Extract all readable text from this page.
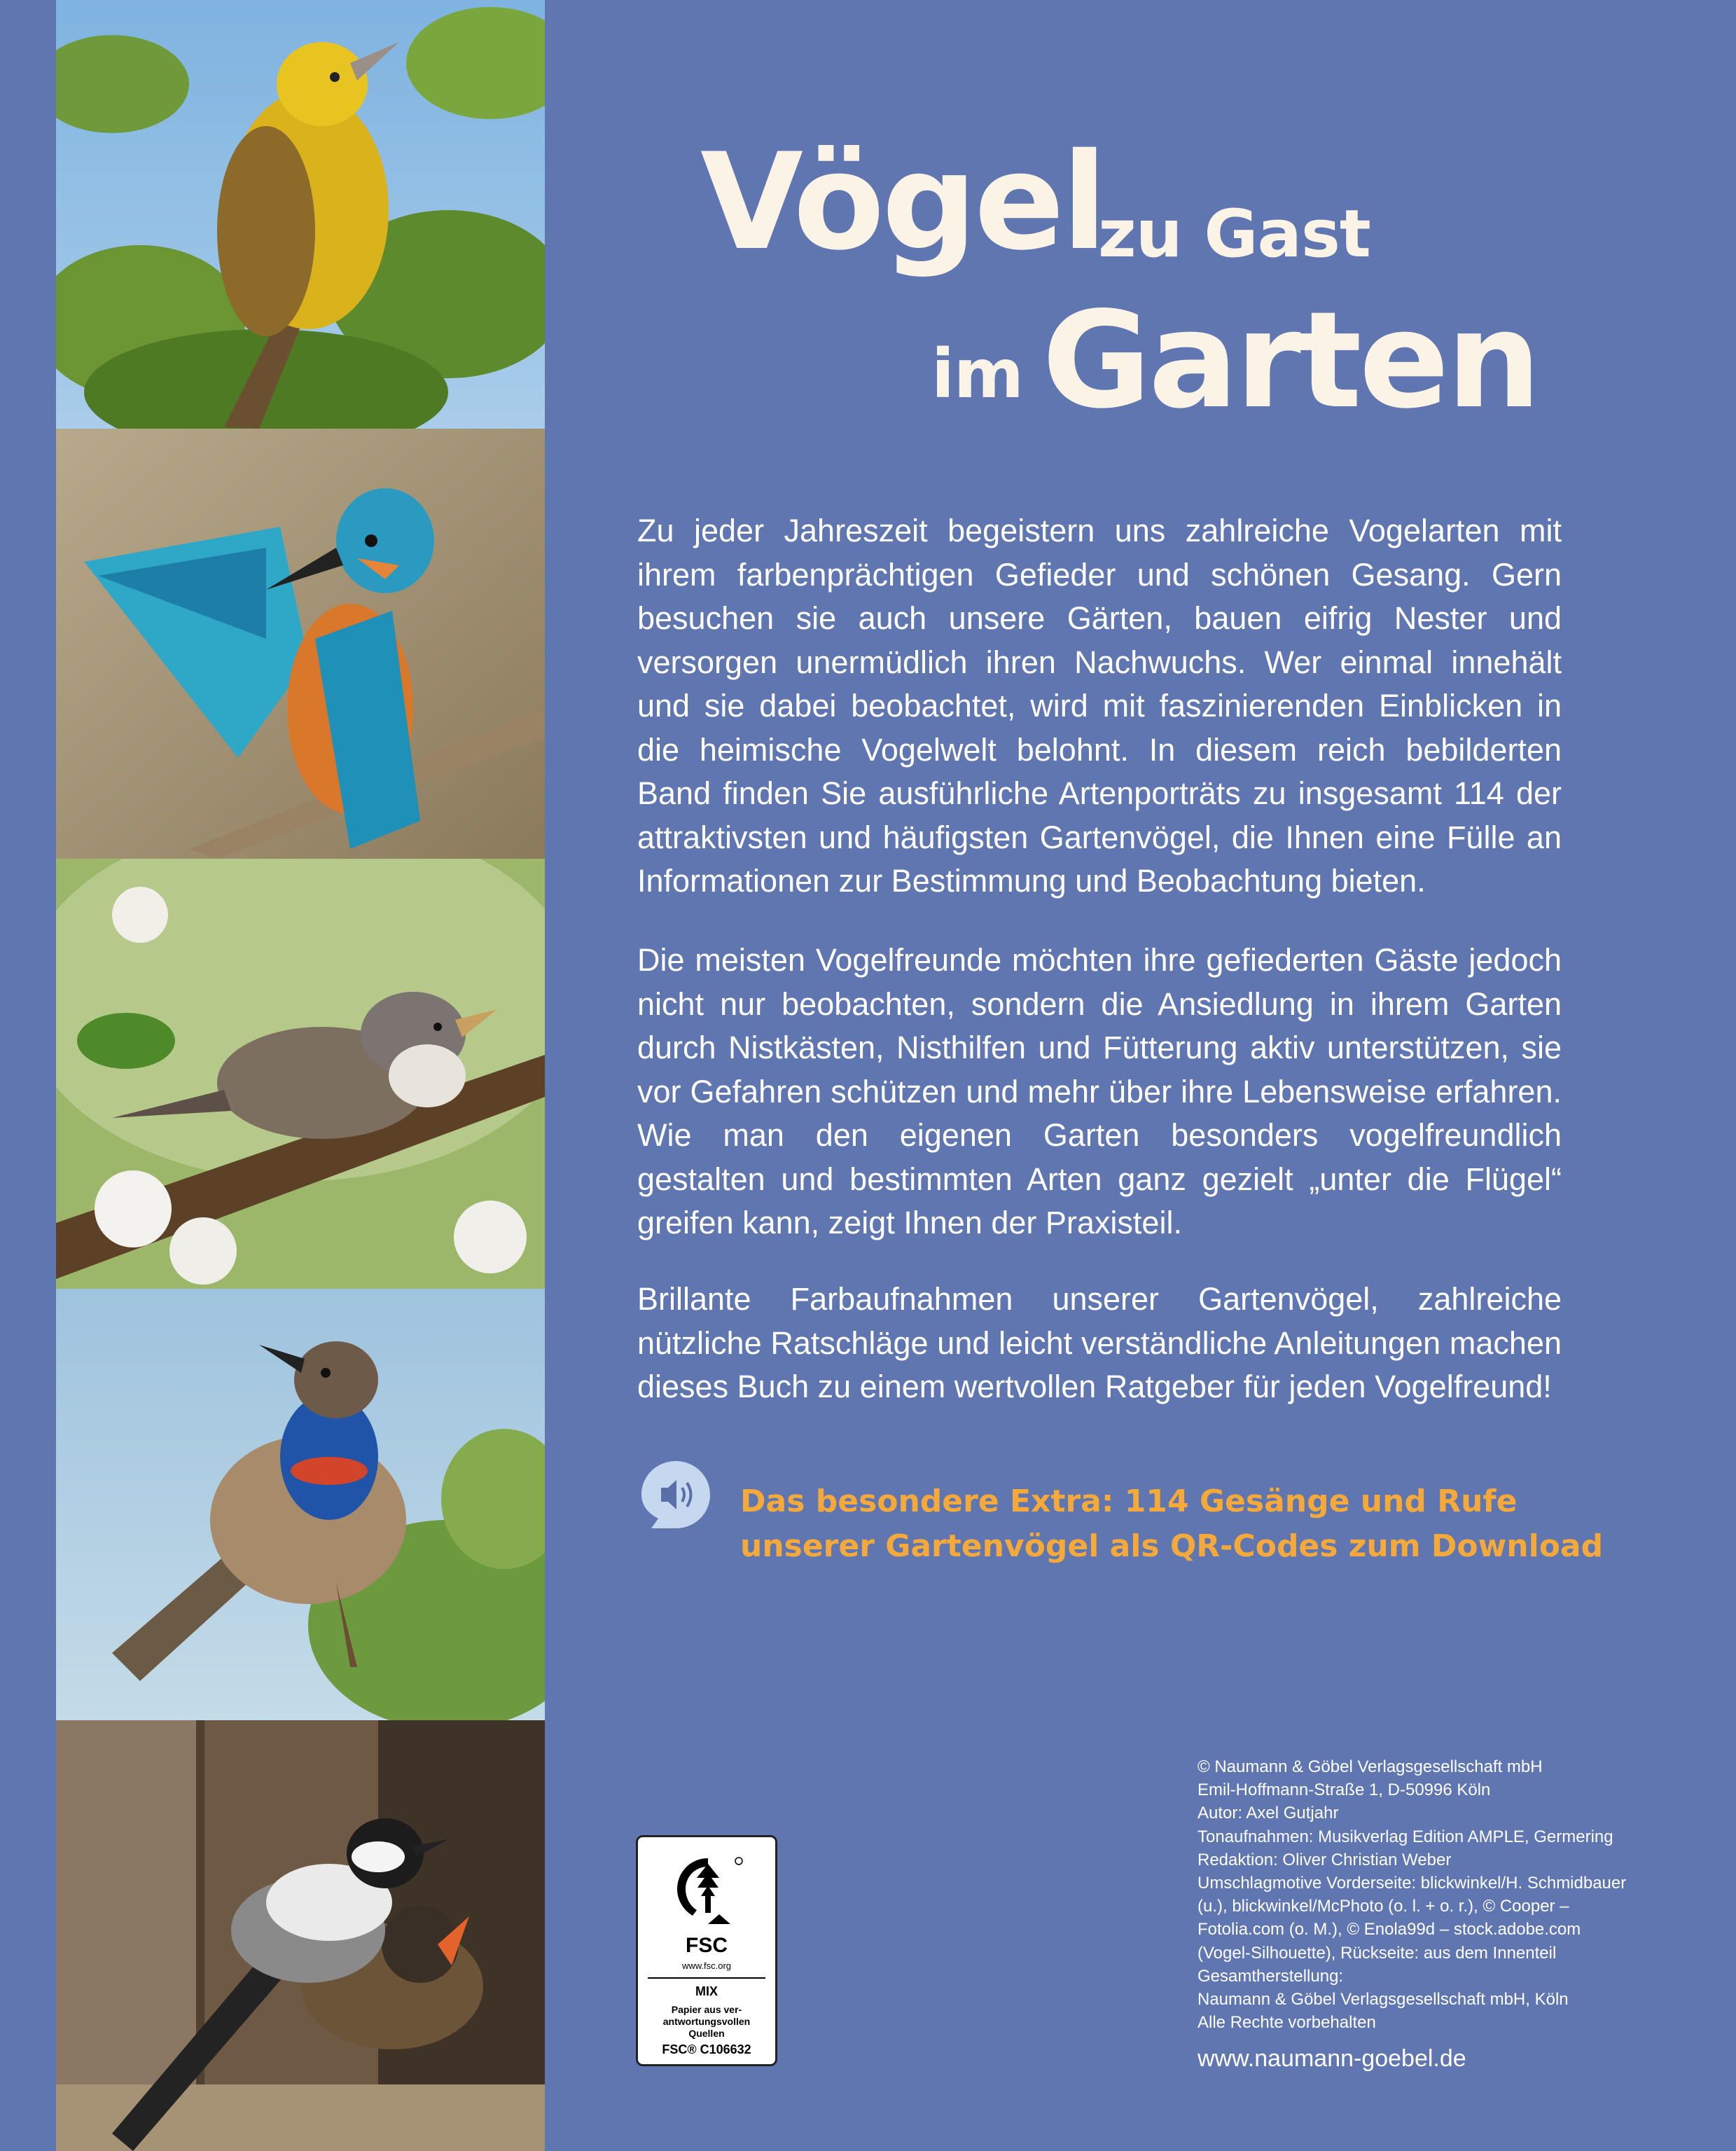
Vögel
zu Gast
im Garten

Zu jeder Jahreszeit begeistern uns zahlreiche Vogelarten mit ihrem farbenprächtigen Gefieder und schönen Gesang. Gern besuchen sie auch unsere Gärten, bauen eifrig Nester und versorgen unermüdlich ihren Nachwuchs. Wer einmal innehält und sie dabei beobachtet, wird mit faszinierenden Einblicken in die heimische Vogelwelt belohnt. In diesem reich bebilderten Band finden Sie ausführliche Artenporträts zu insgesamt 114 der attraktivsten und häufigsten Gartenvögel, die Ihnen eine Fülle an Informationen zur Bestimmung und Beobachtung bieten.

Die meisten Vogelfreunde möchten ihre gefiederten Gäste jedoch nicht nur beobachten, sondern die Ansiedlung in ihrem Garten durch Nistkästen, Nisthilfen und Fütterung aktiv unterstützen, sie vor Gefahren schützen und mehr über ihre Lebensweise erfahren. Wie man den eigenen Garten besonders vogelfreundlich gestalten und bestimmten Arten ganz gezielt „unter die Flügel“ greifen kann, zeigt Ihnen der Praxisteil.

Brillante Farbaufnahmen unserer Gartenvögel, zahlreiche nützliche Ratschläge und leicht verständliche Anleitungen machen dieses Buch zu einem wertvollen Ratgeber für jeden Vogelfreund!

Das besondere Extra: 114 Gesänge und Rufe
unserer Gartenvögel als QR-Codes zum Download
FSC
www.fsc.org
MIX
Papier aus ver-antwortungsvollen Quellen
FSC® C106632
© Naumann & Göbel Verlagsgesellschaft mbH
Emil-Hoffmann-Straße 1, D-50996 Köln
Autor: Axel Gutjahr
Tonaufnahmen: Musikverlag Edition AMPLE, Germering
Redaktion: Oliver Christian Weber
Umschlagmotive Vorderseite: blickwinkel/H. Schmidbauer
(u.), blickwinkel/McPhoto (o. l. + o. r.), © Cooper –
Fotolia.com (o. M.), © Enola99d – stock.adobe.com
(Vogel-Silhouette), Rückseite: aus dem Innenteil
Gesamtherstellung:
Naumann & Göbel Verlagsgesellschaft mbH, Köln
Alle Rechte vorbehalten
www.naumann-goebel.de
